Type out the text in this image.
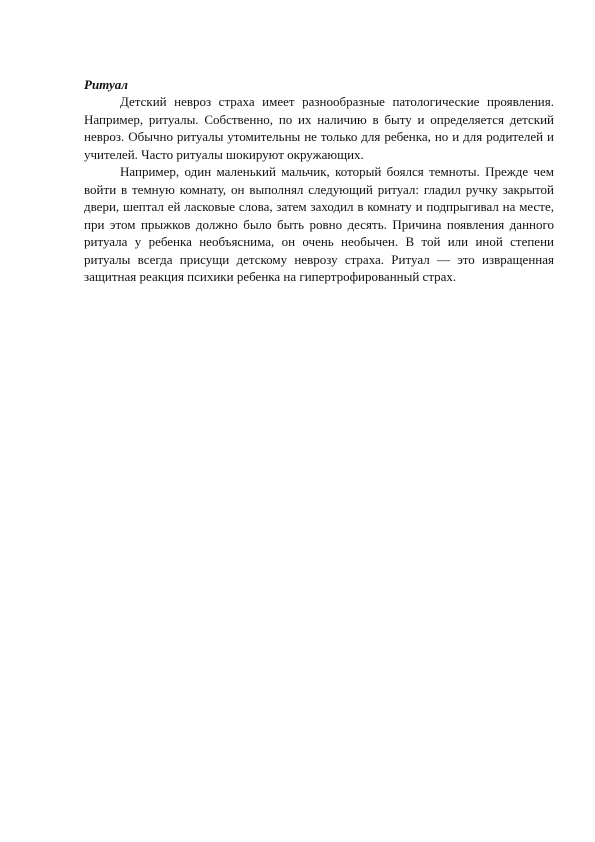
Ритуал

Детский невроз страха имеет разнообразные патологические проявления. Например, ритуалы. Собственно, по их наличию в быту и определяется детский невроз. Обычно ритуалы утомительны не только для ребенка, но и для родителей и учителей. Часто ритуалы шокируют окружающих.

Например, один маленький мальчик, который боялся темноты. Прежде чем войти в темную комнату, он выполнял следующий ритуал: гладил ручку закрытой двери, шептал ей ласковые слова, затем заходил в комнату и подпрыгивал на месте, при этом прыжков должно было быть ровно десять. Причина появления данного ритуала у ребенка необъяснима, он очень необычен. В той или иной степени ритуалы всегда присущи детскому неврозу страха. Ритуал — это извращенная защитная реакция психики ребенка на гипертрофированный страх.
